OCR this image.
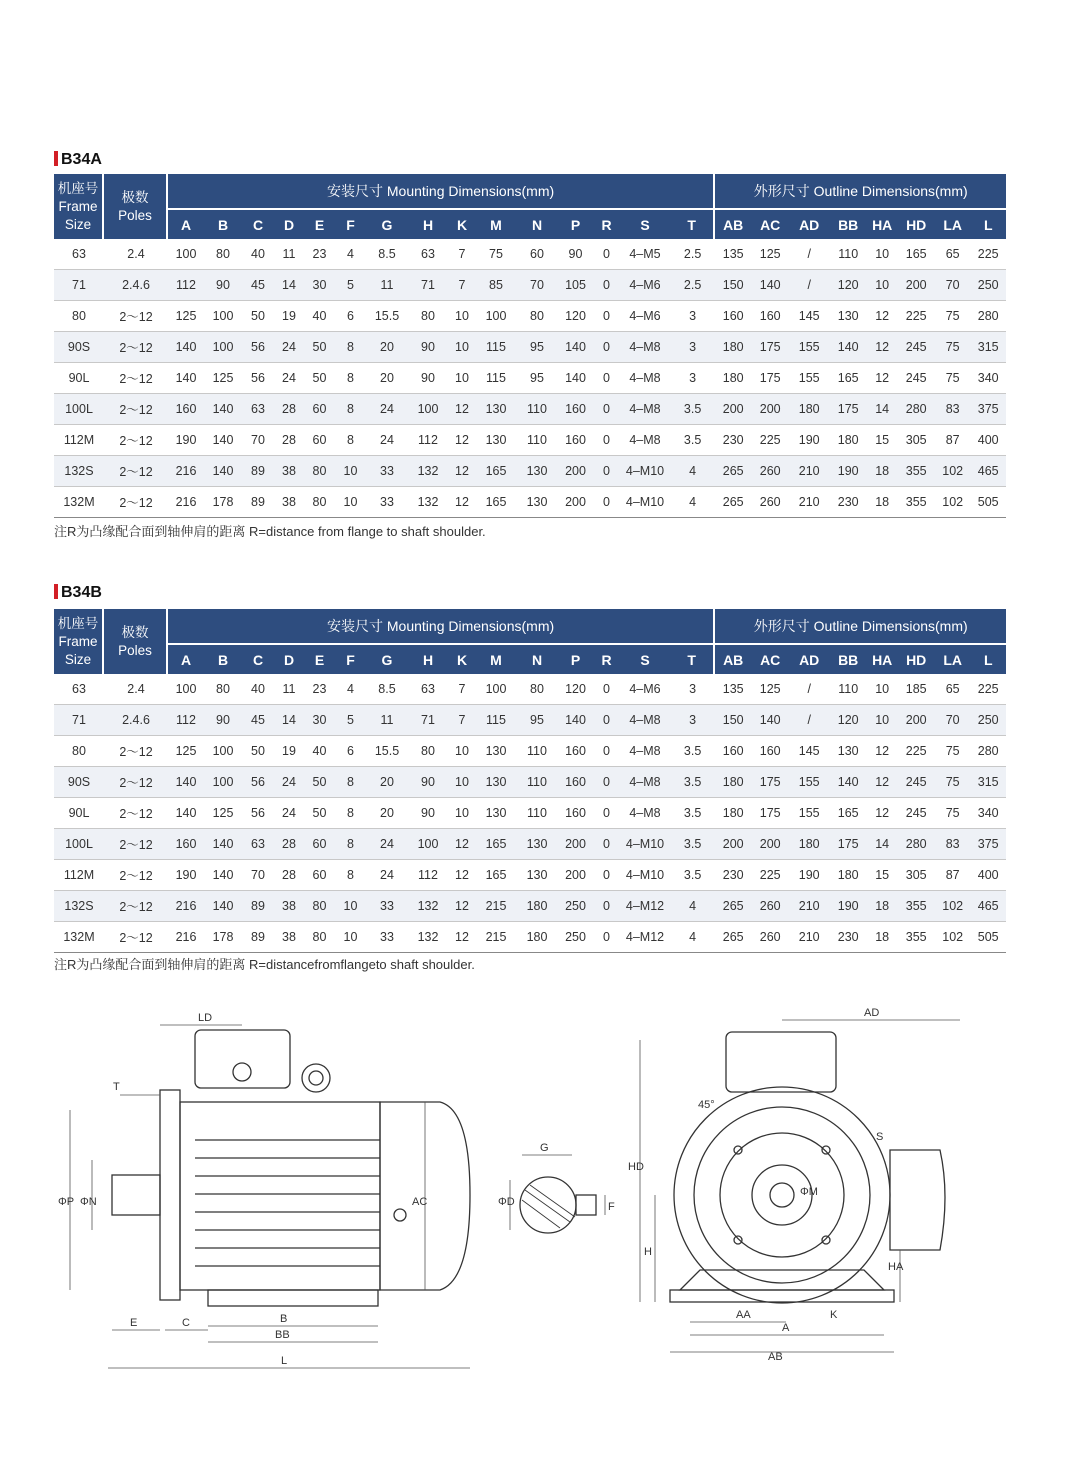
B34A
机座号 Frame Size	极数 Poles	安装尺寸 Mounting Dimensions(mm)															外形尺寸 Outline Dimensions(mm)							
		A	B	C	D	E	F	G	H	K	M	N	P	R	S	T	AB	AC	AD	BB	HA	HD	LA	L
63	2.4	100	80	40	11	23	4	8.5	63	7	75	60	90	0	4–M5	2.5	135	125	/	110	10	165	65	225
71	2.4.6	112	90	45	14	30	5	11	71	7	85	70	105	0	4–M6	2.5	150	140	/	120	10	200	70	250
80	2～12	125	100	50	19	40	6	15.5	80	10	100	80	120	0	4–M6	3	160	160	145	130	12	225	75	280
90S	2～12	140	100	56	24	50	8	20	90	10	115	95	140	0	4–M8	3	180	175	155	140	12	245	75	315
90L	2～12	140	125	56	24	50	8	20	90	10	115	95	140	0	4–M8	3	180	175	155	165	12	245	75	340
100L	2～12	160	140	63	28	60	8	24	100	12	130	110	160	0	4–M8	3.5	200	200	180	175	14	280	83	375
112M	2～12	190	140	70	28	60	8	24	112	12	130	110	160	0	4–M8	3.5	230	225	190	180	15	305	87	400
132S	2～12	216	140	89	38	80	10	33	132	12	165	130	200	0	4–M10	4	265	260	210	190	18	355	102	465
132M	2～12	216	178	89	38	80	10	33	132	12	165	130	200	0	4–M10	4	265	260	210	230	18	355	102	505
注R为凸缘配合面到轴伸肩的距离 R=distance from flange to shaft shoulder.
B34B
机座号 Frame Size	极数 Poles	安装尺寸 Mounting Dimensions(mm)															外形尺寸 Outline Dimensions(mm)							
		A	B	C	D	E	F	G	H	K	M	N	P	R	S	T	AB	AC	AD	BB	HA	HD	LA	L
63	2.4	100	80	40	11	23	4	8.5	63	7	100	80	120	0	4–M6	3	135	125	/	110	10	185	65	225
71	2.4.6	112	90	45	14	30	5	11	71	7	115	95	140	0	4–M8	3	150	140	/	120	10	200	70	250
80	2～12	125	100	50	19	40	6	15.5	80	10	130	110	160	0	4–M8	3.5	160	160	145	130	12	225	75	280
90S	2～12	140	100	56	24	50	8	20	90	10	130	110	160	0	4–M8	3.5	180	175	155	140	12	245	75	315
90L	2～12	140	125	56	24	50	8	20	90	10	130	110	160	0	4–M8	3.5	180	175	155	165	12	245	75	340
100L	2～12	160	140	63	28	60	8	24	100	12	165	130	200	0	4–M10	3.5	200	200	180	175	14	280	83	375
112M	2～12	190	140	70	28	60	8	24	112	12	165	130	200	0	4–M10	3.5	230	225	190	180	15	305	87	400
132S	2～12	216	140	89	38	80	10	33	132	12	215	180	250	0	4–M12	4	265	260	210	190	18	355	102	465
132M	2～12	216	178	89	38	80	10	33	132	12	215	180	250	0	4–M12	4	265	260	210	230	18	355	102	505
注R为凸缘配合面到轴伸肩的距离 R=distancefromflangeto shaft shoulder.
LD
T
ΦP ΦN
E	C	B
BB
L
AC
G
ΦD	F
AD
HD
H
HA
AA
A
AB
K
S
ΦM
45°
